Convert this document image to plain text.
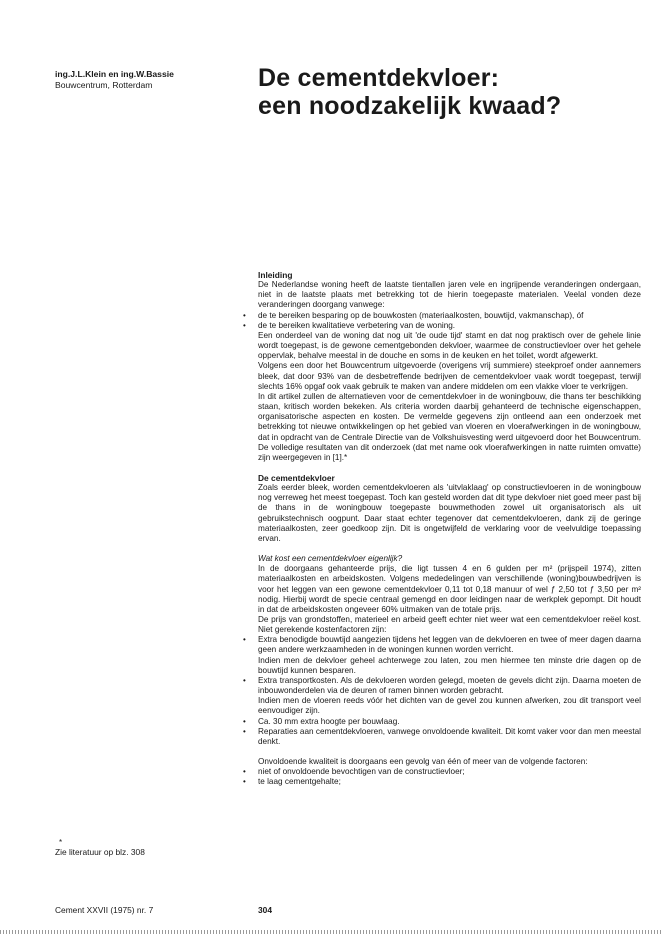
ing.J.L.Klein en ing.W.Bassie
Bouwcentrum, Rotterdam	De cementdekvloer:
een noodzakelijk kwaad?
Inleiding

De Nederlandse woning heeft de laatste tientallen jaren vele en ingrijpende veranderingen ondergaan, niet in de laatste plaats met betrekking tot de hierin toegepaste materialen. Veelal vonden deze veranderingen doorgang vanwege:

• de te bereiken besparing op de bouwkosten (materiaalkosten, bouwtijd, vakmanschap), óf
• de te bereiken kwalitatieve verbetering van de woning.

Een onderdeel van de woning dat nog uit 'de oude tijd' stamt en dat nog praktisch over de gehele linie wordt toegepast, is de gewone cementgebonden dekvloer, waarmee de constructievloer over het gehele oppervlak, behalve meestal in de douche en soms in de keuken en het toilet, wordt afgewerkt.

Volgens een door het Bouwcentrum uitgevoerde (overigens vrij summiere) steekproef onder aannemers bleek, dat door 93% van de desbetreffende bedrijven de cementdekvloer vaak wordt toegepast, terwijl slechts 16% opgaf ook vaak gebruik te maken van andere middelen om een vlakke vloer te verkrijgen.

In dit artikel zullen de alternatieven voor de cementdekvloer in de woningbouw, die thans ter beschikking staan, kritisch worden bekeken. Als criteria worden daarbij gehanteerd de technische eigenschappen, organisatorische aspecten en kosten. De vermelde gegevens zijn ontleend aan een onderzoek met betrekking tot nieuwe ontwikkelingen op het gebied van vloeren en vloerafwerkingen in de woningbouw, dat in opdracht van de Centrale Directie van de Volkshuisvesting werd uitgevoerd door het Bouwcentrum. De volledige resultaten van dit onderzoek (dat met name ook vloerafwerkingen in natte ruimten omvatte) zijn weergegeven in [1].*

De cementdekvloer

Zoals eerder bleek, worden cementdekvloeren als 'uitvlaklaag' op constructievloeren in de woningbouw nog verreweg het meest toegepast. Toch kan gesteld worden dat dit type dekvloer niet goed meer past bij de thans in de woningbouw toegepaste bouwmethoden zowel uit organisatorisch als uit gebruikstechnisch oogpunt. Daar staat echter tegenover dat cementdekvloeren, dank zij de geringe materiaalkosten, zeer goedkoop zijn. Dit is ongetwijfeld de verklaring voor de veelvuldige toepassing ervan.

Wat kost een cementdekvloer eigenlijk?

In de doorgaans gehanteerde prijs, die ligt tussen 4 en 6 gulden per m² (prijspeil 1974), zitten materiaalkosten en arbeidskosten. Volgens mededelingen van verschillende (woning)bouwbedrijven is voor het leggen van een gewone cementdekvloer 0,11 tot 0,18 manuur of wel ƒ 2,50 tot ƒ 3,50 per m² nodig. Hierbij wordt de specie centraal gemengd en door leidingen naar de werkplek gepompt. Dit houdt in dat de arbeidskosten ongeveer 60% uitmaken van de totale prijs.

De prijs van grondstoffen, materieel en arbeid geeft echter niet weer wat een cementdekvloer reëel kost. Niet gerekende kostenfactoren zijn:

• Extra benodigde bouwtijd aangezien tijdens het leggen van de dekvloeren en twee of meer dagen daarna geen andere werkzaamheden in de woningen kunnen worden verricht.
Indien men de dekvloer geheel achterwege zou laten, zou men hiermee ten minste drie dagen op de bouwtijd kunnen besparen.
• Extra transportkosten. Als de dekvloeren worden gelegd, moeten de gevels dicht zijn. Daarna moeten de inbouwonderdelen via de deuren of ramen binnen worden gebracht.
Indien men de vloeren reeds vóór het dichten van de gevel zou kunnen afwerken, zou dit transport veel eenvoudiger zijn.
• Ca. 30 mm extra hoogte per bouwlaag.
• Reparaties aan cementdekvloeren, vanwege onvoldoende kwaliteit. Dit komt vaker voor dan men meestal denkt.

Onvoldoende kwaliteit is doorgaans een gevolg van één of meer van de volgende factoren:

• niet of onvoldoende bevochtigen van de constructievloer;
• te laag cementgehalte;
*
Zie literatuur op blz. 308
Cement XXVII (1975) nr. 7	304
